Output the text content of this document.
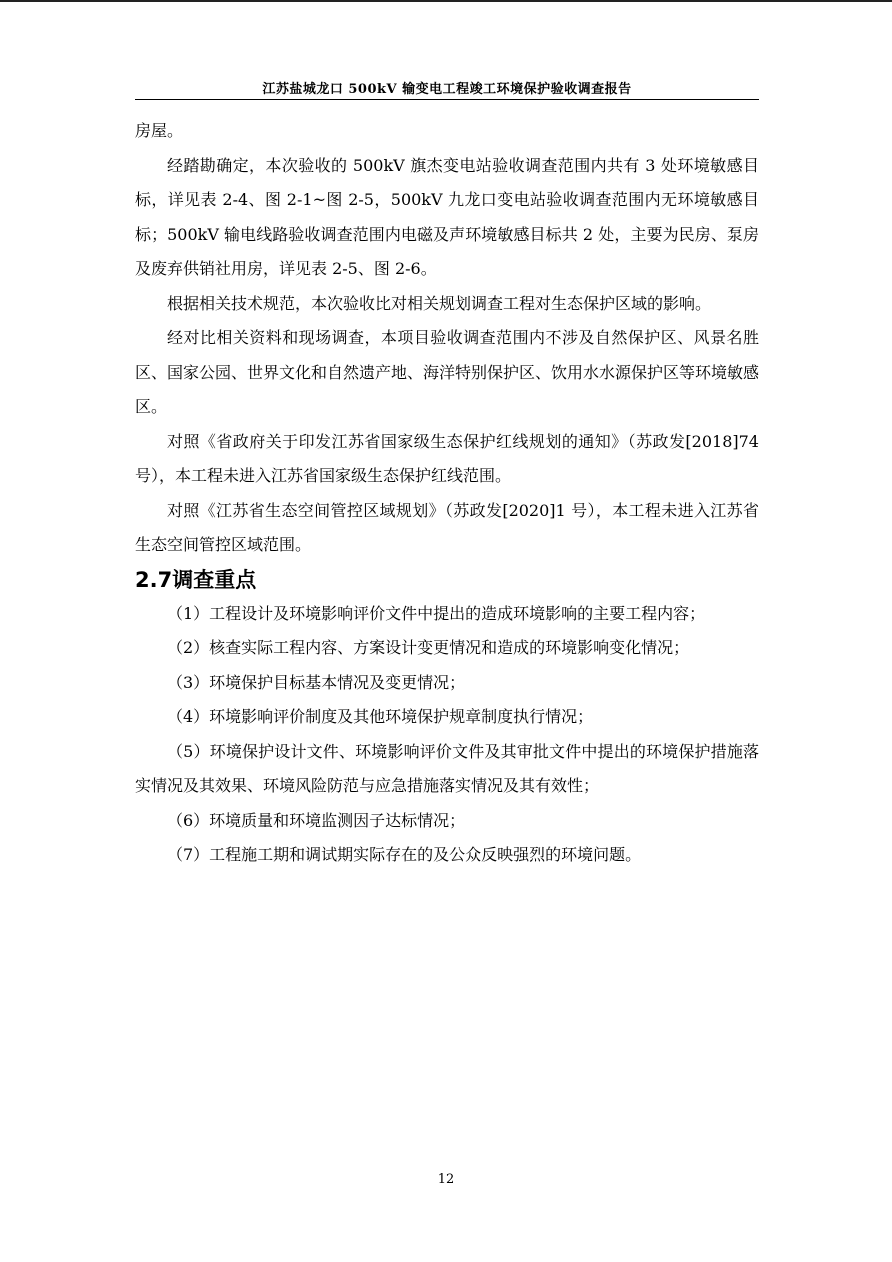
江苏盐城龙口 500kV 输变电工程竣工环境保护验收调查报告

房屋。

经踏勘确定，本次验收的 500kV 旗杰变电站验收调查范围内共有 3 处环境敏感目标，详见表 2-4、图 2-1~图 2-5，500kV 九龙口变电站验收调查范围内无环境敏感目标；500kV 输电线路验收调查范围内电磁及声环境敏感目标共 2 处，主要为民房、泵房及废弃供销社用房，详见表 2-5、图 2-6。

根据相关技术规范，本次验收比对相关规划调查工程对生态保护区域的影响。

经对比相关资料和现场调查，本项目验收调查范围内不涉及自然保护区、风景名胜区、国家公园、世界文化和自然遗产地、海洋特别保护区、饮用水水源保护区等环境敏感区。

对照《省政府关于印发江苏省国家级生态保护红线规划的通知》（苏政发[2018]74 号），本工程未进入江苏省国家级生态保护红线范围。

对照《江苏省生态空间管控区域规划》（苏政发[2020]1 号），本工程未进入江苏省生态空间管控区域范围。

2.7调查重点

（1）工程设计及环境影响评价文件中提出的造成环境影响的主要工程内容；

（2）核查实际工程内容、方案设计变更情况和造成的环境影响变化情况；

（3）环境保护目标基本情况及变更情况；

（4）环境影响评价制度及其他环境保护规章制度执行情况；

（5）环境保护设计文件、环境影响评价文件及其审批文件中提出的环境保护措施落实情况及其效果、环境风险防范与应急措施落实情况及其有效性；

（6）环境质量和环境监测因子达标情况；

（7）工程施工期和调试期实际存在的及公众反映强烈的环境问题。

12
